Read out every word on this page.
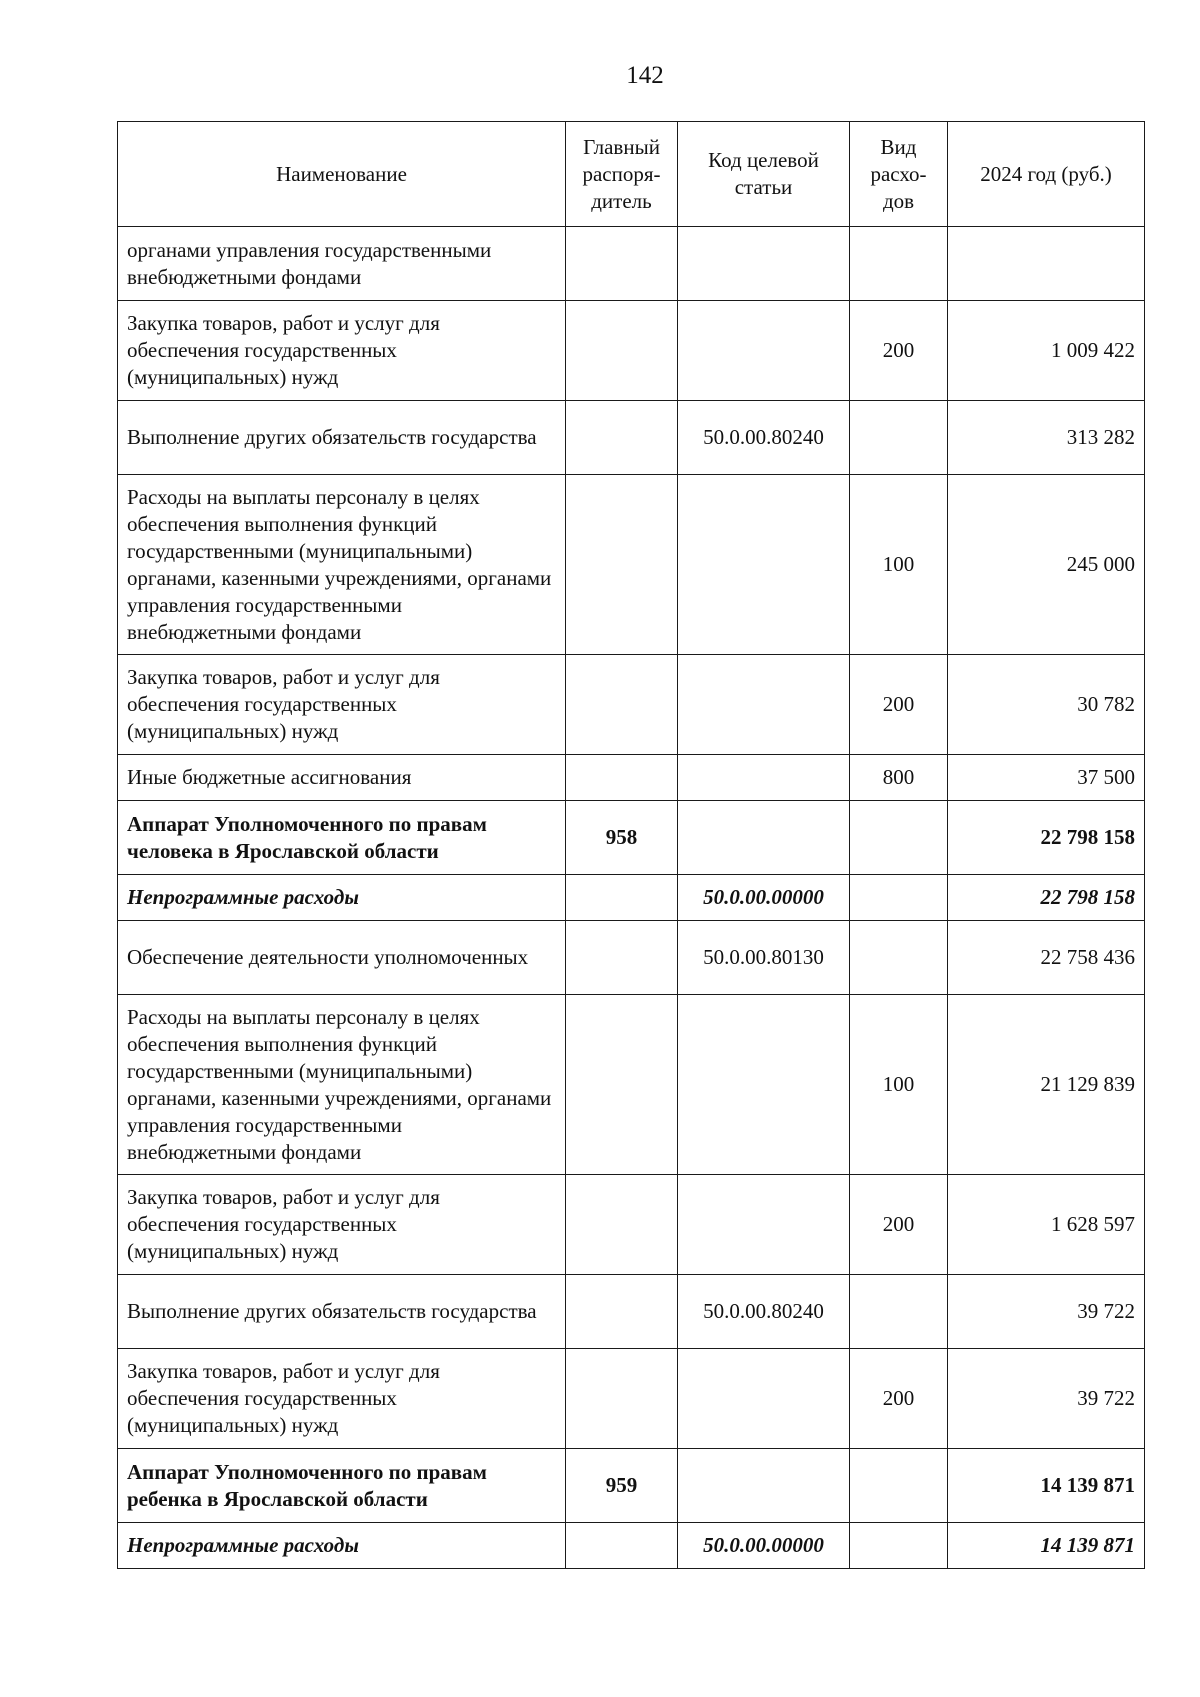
142
Наименование	Главный распоря-дитель	Код целевой статьи	Вид расхо-дов	2024 год (руб.)
органами управления государственными внебюджетными фондами				
Закупка товаров, работ и услуг для обеспечения государственных (муниципальных) нужд			200	1 009 422
Выполнение других обязательств государства		50.0.00.80240		313 282
Расходы на выплаты персоналу в целях обеспечения выполнения функций государственными (муниципальными) органами, казенными учреждениями, органами управления государственными внебюджетными фондами			100	245 000
Закупка товаров, работ и услуг для обеспечения государственных (муниципальных) нужд			200	30 782
Иные бюджетные ассигнования			800	37 500
Аппарат Уполномоченного по правам человека в Ярославской области	958			22 798 158
Непрограммные расходы		50.0.00.00000		22 798 158
Обеспечение деятельности уполномоченных		50.0.00.80130		22 758 436
Расходы на выплаты персоналу в целях обеспечения выполнения функций государственными (муниципальными) органами, казенными учреждениями, органами управления государственными внебюджетными фондами			100	21 129 839
Закупка товаров, работ и услуг для обеспечения государственных (муниципальных) нужд			200	1 628 597
Выполнение других обязательств государства		50.0.00.80240		39 722
Закупка товаров, работ и услуг для обеспечения государственных (муниципальных) нужд			200	39 722
Аппарат Уполномоченного по правам ребенка в Ярославской области	959			14 139 871
Непрограммные расходы		50.0.00.00000		14 139 871
